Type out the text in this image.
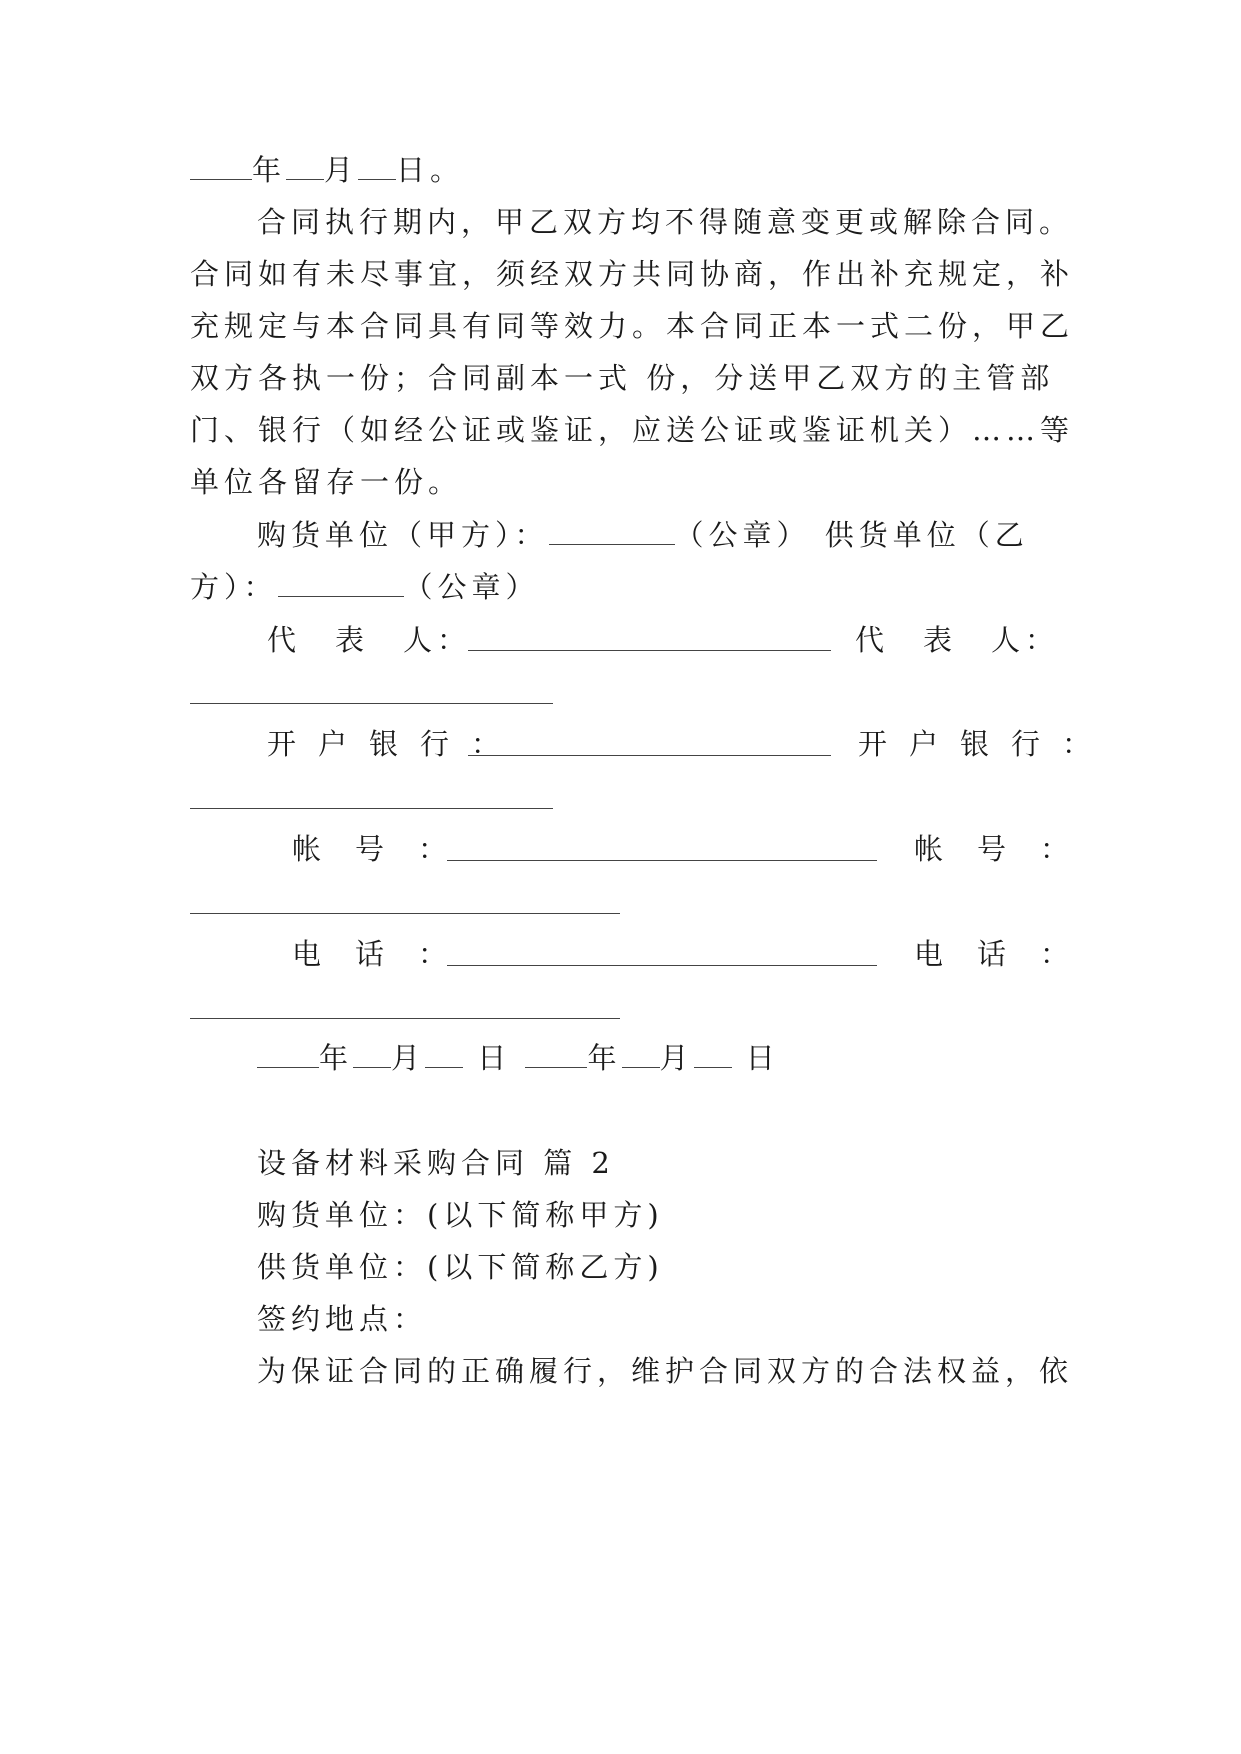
年 月 日。
合同执行期内，甲乙双方均不得随意变更或解除合同。
合同如有未尽事宜，须经双方共同协商，作出补充规定，补
充规定与本合同具有同等效力。本合同正本一式二份，甲乙
双方各执一份；合同副本一式 份，分送甲乙双方的主管部
门、银行（如经公证或鉴证，应送公证或鉴证机关）……等
单位各留存一份。
购货单位（甲方）：	（公章） 供货单位（乙
方）：	（公章）
代　表　人：	代　表　人：
开户银行：	开户银行：
帐号：	帐号：
电话：	电话：
年 月 日	年 月 日
设备材料采购合同 篇 2
购货单位：(以下简称甲方)
供货单位：(以下简称乙方)
签约地点：
为保证合同的正确履行，维护合同双方的合法权益，依
